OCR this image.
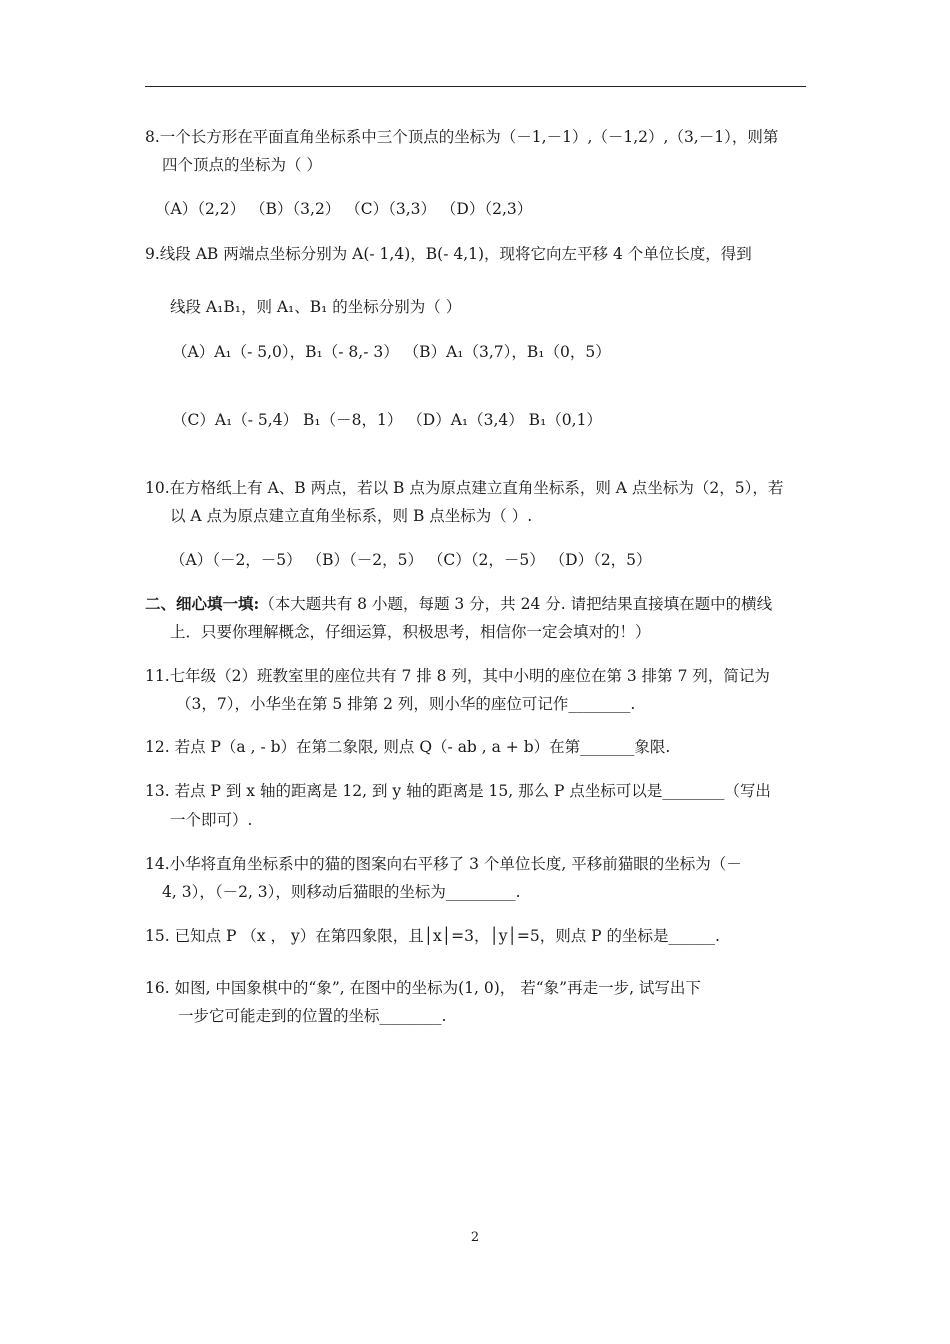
8.一个长方形在平面直角坐标系中三个顶点的坐标为（－1,－1）,（－1,2）,（3,－1），则第
四个顶点的坐标为（ ）
（A）（2,2） （B）（3,2） （C）（3,3） （D）（2,3）
9.线段 AB 两端点坐标分别为 A(- 1,4)，B(- 4,1)，现将它向左平移 4 个单位长度，得到
线段 A₁B₁，则 A₁、B₁ 的坐标分别为（ ）
（A）A₁（- 5,0），B₁（- 8,- 3） （B）A₁（3,7），B₁（0，5）
（C）A₁（- 5,4） B₁（－8，1） （D）A₁（3,4） B₁（0,1）
10.在方格纸上有 A、B 两点，若以 B 点为原点建立直角坐标系，则 A 点坐标为（2，5），若
以 A 点为原点建立直角坐标系，则 B 点坐标为（ ）.
（A）（－2，－5） （B）（－2，5） （C）（2，－5） （D）（2，5）
二、细心填一填:（本大题共有 8 小题，每题 3 分，共 24 分. 请把结果直接填在题中的横线
上．只要你理解概念，仔细运算，积极思考，相信你一定会填对的！）
11.七年级（2）班教室里的座位共有 7 排 8 列，其中小明的座位在第 3 排第 7 列，简记为
（3，7），小华坐在第 5 排第 2 列，则小华的座位可记作________.
12. 若点 P（a , - b）在第二象限, 则点 Q（- ab , a + b）在第_______象限.
13. 若点 P 到 x 轴的距离是 12, 到 y 轴的距离是 15, 那么 P 点坐标可以是________（写出
一个即可）.
14.小华将直角坐标系中的猫的图案向右平移了 3 个单位长度, 平移前猫眼的坐标为（－
4, 3），（－2, 3），则移动后猫眼的坐标为_________.
15. 已知点 P （x ， y）在第四象限，且│x│=3，│y│=5，则点 P 的坐标是______.
16. 如图, 中国象棋中的“象”, 在图中的坐标为(1, 0)， 若“象”再走一步, 试写出下
一步它可能走到的位置的坐标________.
2
